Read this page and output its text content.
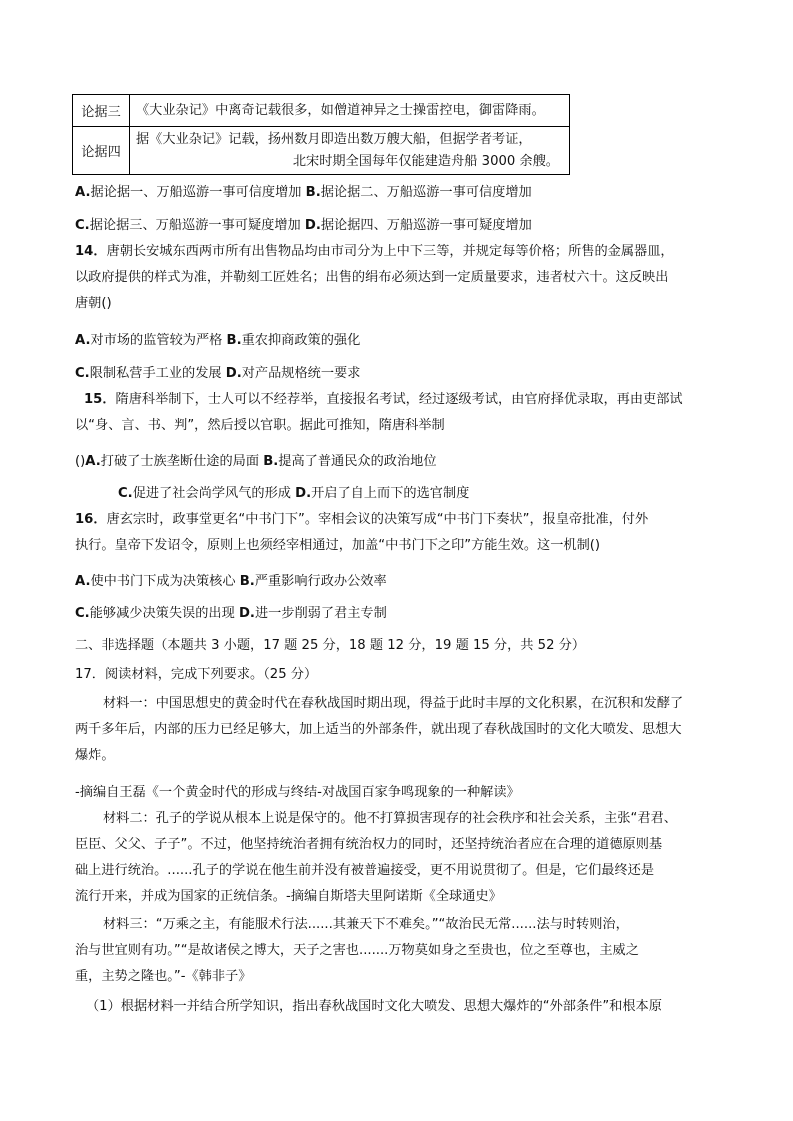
论据三	《大业杂记》中离奇记载很多，如僧道神异之士操雷控电，御雷降雨。

论据四	据《大业杂记》记载，扬州数月即造出数万艘大船，但据学者考证，
北宋时期全国每年仅能建造舟船 3000 余艘。
A.据论据一、万船巡游一事可信度增加 B.据论据二、万船巡游一事可信度增加
C.据论据三、万船巡游一事可疑度增加 D.据论据四、万船巡游一事可疑度增加
14．唐朝长安城东西两市所有出售物品均由市司分为上中下三等，并规定每等价格；所售的金属器皿，
以政府提供的样式为准，并勒刻工匠姓名；出售的绢布必须达到一定质量要求，违者杖六十。这反映出
唐朝()
A.对市场的监管较为严格 B.重农抑商政策的强化
C.限制私营手工业的发展 D.对产品规格统一要求
15．隋唐科举制下，士人可以不经荐举，直接报名考试，经过逐级考试，由官府择优录取，再由吏部试
以“身、言、书、判”，然后授以官职。据此可推知，隋唐科举制
()A.打破了士族垄断仕途的局面 B.提高了普通民众的政治地位
C.促进了社会尚学风气的形成 D.开启了自上而下的选官制度
16．唐玄宗时，政事堂更名“中书门下”。宰相会议的决策写成“中书门下奏状”，报皇帝批准，付外
执行。皇帝下发诏令，原则上也须经宰相通过，加盖“中书门下之印”方能生效。这一机制()
A.使中书门下成为决策核心 B.严重影响行政办公效率
C.能够减少决策失误的出现 D.进一步削弱了君主专制
二、非选择题（本题共 3 小题，17 题 25 分，18 题 12 分，19 题 15 分，共 52 分）
17．阅读材料，完成下列要求。（25 分）
材料一：中国思想史的黄金时代在春秋战国时期出现，得益于此时丰厚的文化积累，在沉积和发酵了
两千多年后，内部的压力已经足够大，加上适当的外部条件，就出现了春秋战国时的文化大喷发、思想大
爆炸。
-摘编自王磊《一个黄金时代的形成与终结-对战国百家争鸣现象的一种解读》
材料二：孔子的学说从根本上说是保守的。他不打算损害现存的社会秩序和社会关系，主张“君君、
臣臣、父父、子子”。不过，他坚持统治者拥有统治权力的同时，还坚持统治者应在合理的道德原则基
础上进行统治。......孔子的学说在他生前并没有被普遍接受，更不用说贯彻了。但是，它们最终还是
流行开来，并成为国家的正统信条。-摘编自斯塔夫里阿诺斯《全球通史》
材料三：“万乘之主，有能服术行法......其兼天下不难矣。”“故治民无常......法与时转则治，
治与世宜则有功。”“是故诸侯之博大，天子之害也.......万物莫如身之至贵也，位之至尊也，主威之
重，主势之隆也。”-《韩非子》
（1）根据材料一并结合所学知识，指出春秋战国时文化大喷发、思想大爆炸的“外部条件”和根本原
